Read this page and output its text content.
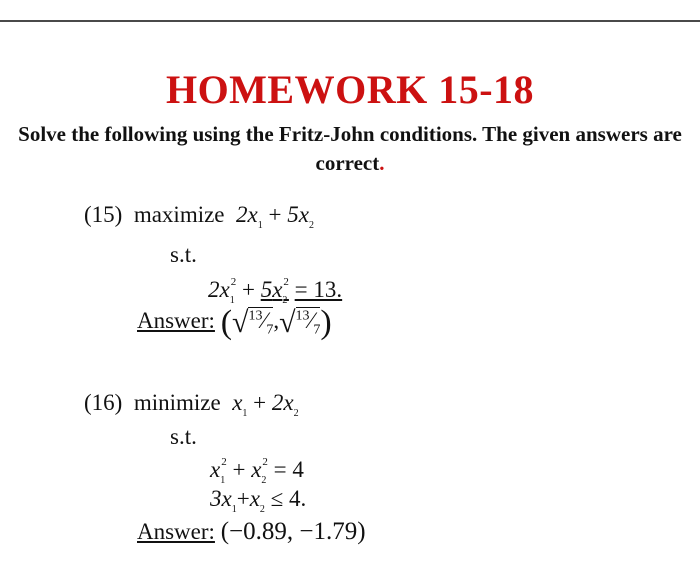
HOMEWORK 15-18
Solve the following using the Fritz-John conditions. The given answers are correct.
(15) maximize $2x_1 + 5x_2$
s.t.
$2x_1^2 + 5x_2^2 = 13$.
Answer: $(√^{13}⁄_7,√^{13}⁄_7)$
(16) minimize $x_1 + 2x_2$
s.t.
$x_1^2 + x_2^2 = 4$
$3x_1+x_2 \le 4$.
Answer: (−0.89, −1.79)
